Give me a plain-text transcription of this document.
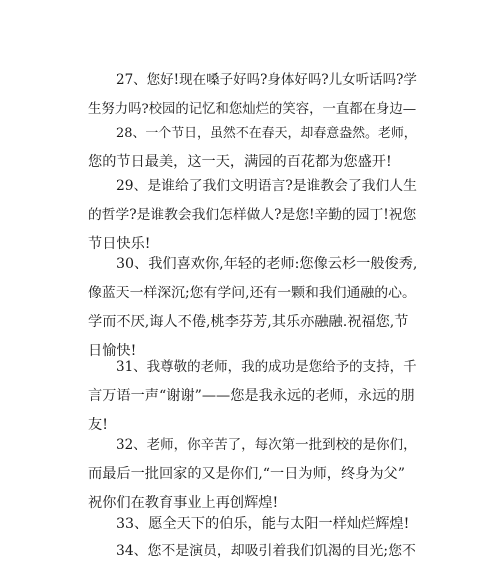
27、您好!现在嗓子好吗?身体好吗?儿女听话吗?学
生努力吗?校园的记忆和您灿烂的笑容，一直都在身边—

28、一个节日，虽然不在春天，却春意盎然。老师，
您的节日最美，这一天，满园的百花都为您盛开!

29、是谁给了我们文明语言?是谁教会了我们人生
的哲学?是谁教会我们怎样做人?是您!辛勤的园丁!祝您
节日快乐!

30、我们喜欢你,年轻的老师:您像云杉一般俊秀,
像蓝天一样深沉;您有学问,还有一颗和我们通融的心。
学而不厌,诲人不倦,桃李芬芳,其乐亦融融.祝福您,节
日愉快!

31、我尊敬的老师，我的成功是您给予的支持，千
言万语一声“谢谢”——您是我永远的老师，永远的朋
友!

32、老师，你辛苦了，每次第一批到校的是你们，
而最后一批回家的又是你们,“一日为师，终身为父”
祝你们在教育事业上再创辉煌!

33、愿全天下的伯乐，能与太阳一样灿烂辉煌!

34、您不是演员，却吸引着我们饥渴的目光;您不
